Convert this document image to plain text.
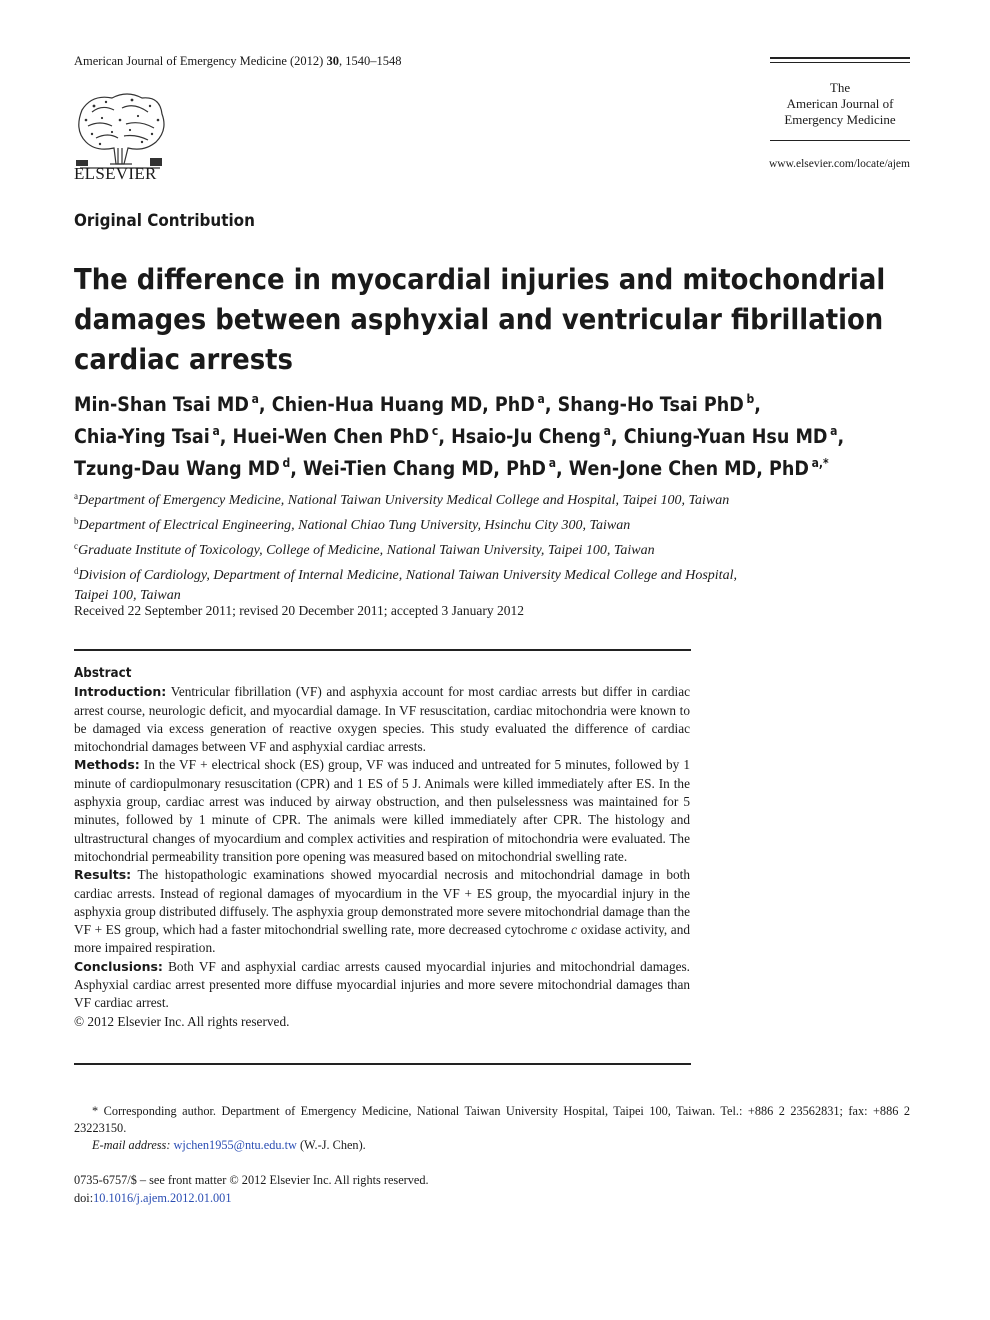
American Journal of Emergency Medicine (2012) 30, 1540–1548
ELSEVIER
The
American Journal of
Emergency Medicine
www.elsevier.com/locate/ajem
Original Contribution
The difference in myocardial injuries and mitochondrial
damages between asphyxial and ventricular fibrillation
cardiac arrests
Min-Shan Tsai MD $^a$, Chien-Hua Huang MD, PhD $^a$, Shang-Ho Tsai PhD $^b$,
Chia-Ying Tsai $^a$, Huei-Wen Chen PhD $^c$, Hsaio-Ju Cheng $^a$, Chiung-Yuan Hsu MD $^a$,
Tzung-Dau Wang MD $^d$, Wei-Tien Chang MD, PhD $^a$, Wen-Jone Chen MD, PhD $^{a,*}$
$^a$Department of Emergency Medicine, National Taiwan University Medical College and Hospital, Taipei 100, Taiwan
$^b$Department of Electrical Engineering, National Chiao Tung University, Hsinchu City 300, Taiwan
$^c$Graduate Institute of Toxicology, College of Medicine, National Taiwan University, Taipei 100, Taiwan
$^d$Division of Cardiology, Department of Internal Medicine, National Taiwan University Medical College and Hospital,
Taipei 100, Taiwan
Received 22 September 2011; revised 20 December 2011; accepted 3 January 2012
Abstract

Introduction: Ventricular fibrillation (VF) and asphyxia account for most cardiac arrests but differ in cardiac arrest course, neurologic deficit, and myocardial damage. In VF resuscitation, cardiac mitochondria were known to be damaged via excess generation of reactive oxygen species. This study evaluated the difference of cardiac mitochondrial damages between VF and asphyxial cardiac arrests.

Methods: In the VF + electrical shock (ES) group, VF was induced and untreated for 5 minutes, followed by 1 minute of cardiopulmonary resuscitation (CPR) and 1 ES of 5 J. Animals were killed immediately after ES. In the asphyxia group, cardiac arrest was induced by airway obstruction, and then pulselessness was maintained for 5 minutes, followed by 1 minute of CPR. The animals were killed immediately after CPR. The histology and ultrastructural changes of myocardium and complex activities and respiration of mitochondria were evaluated. The mitochondrial permeability transition pore opening was measured based on mitochondrial swelling rate.

Results: The histopathologic examinations showed myocardial necrosis and mitochondrial damage in both cardiac arrests. Instead of regional damages of myocardium in the VF + ES group, the myocardial injury in the asphyxia group distributed diffusely. The asphyxia group demonstrated more severe mitochondrial damage than the VF + ES group, which had a faster mitochondrial swelling rate, more decreased cytochrome c oxidase activity, and more impaired respiration.

Conclusions: Both VF and asphyxial cardiac arrests caused myocardial injuries and mitochondrial damages. Asphyxial cardiac arrest presented more diffuse myocardial injuries and more severe mitochondrial damages than VF cardiac arrest.

© 2012 Elsevier Inc. All rights reserved.

* Corresponding author. Department of Emergency Medicine, National Taiwan University Hospital, Taipei 100, Taiwan. Tel.: +886 2 23562831; fax: +886 2 23223150.
E-mail address: wjchen1955@ntu.edu.tw (W.-J. Chen).
0735-6757/$ – see front matter © 2012 Elsevier Inc. All rights reserved.
doi:10.1016/j.ajem.2012.01.001
